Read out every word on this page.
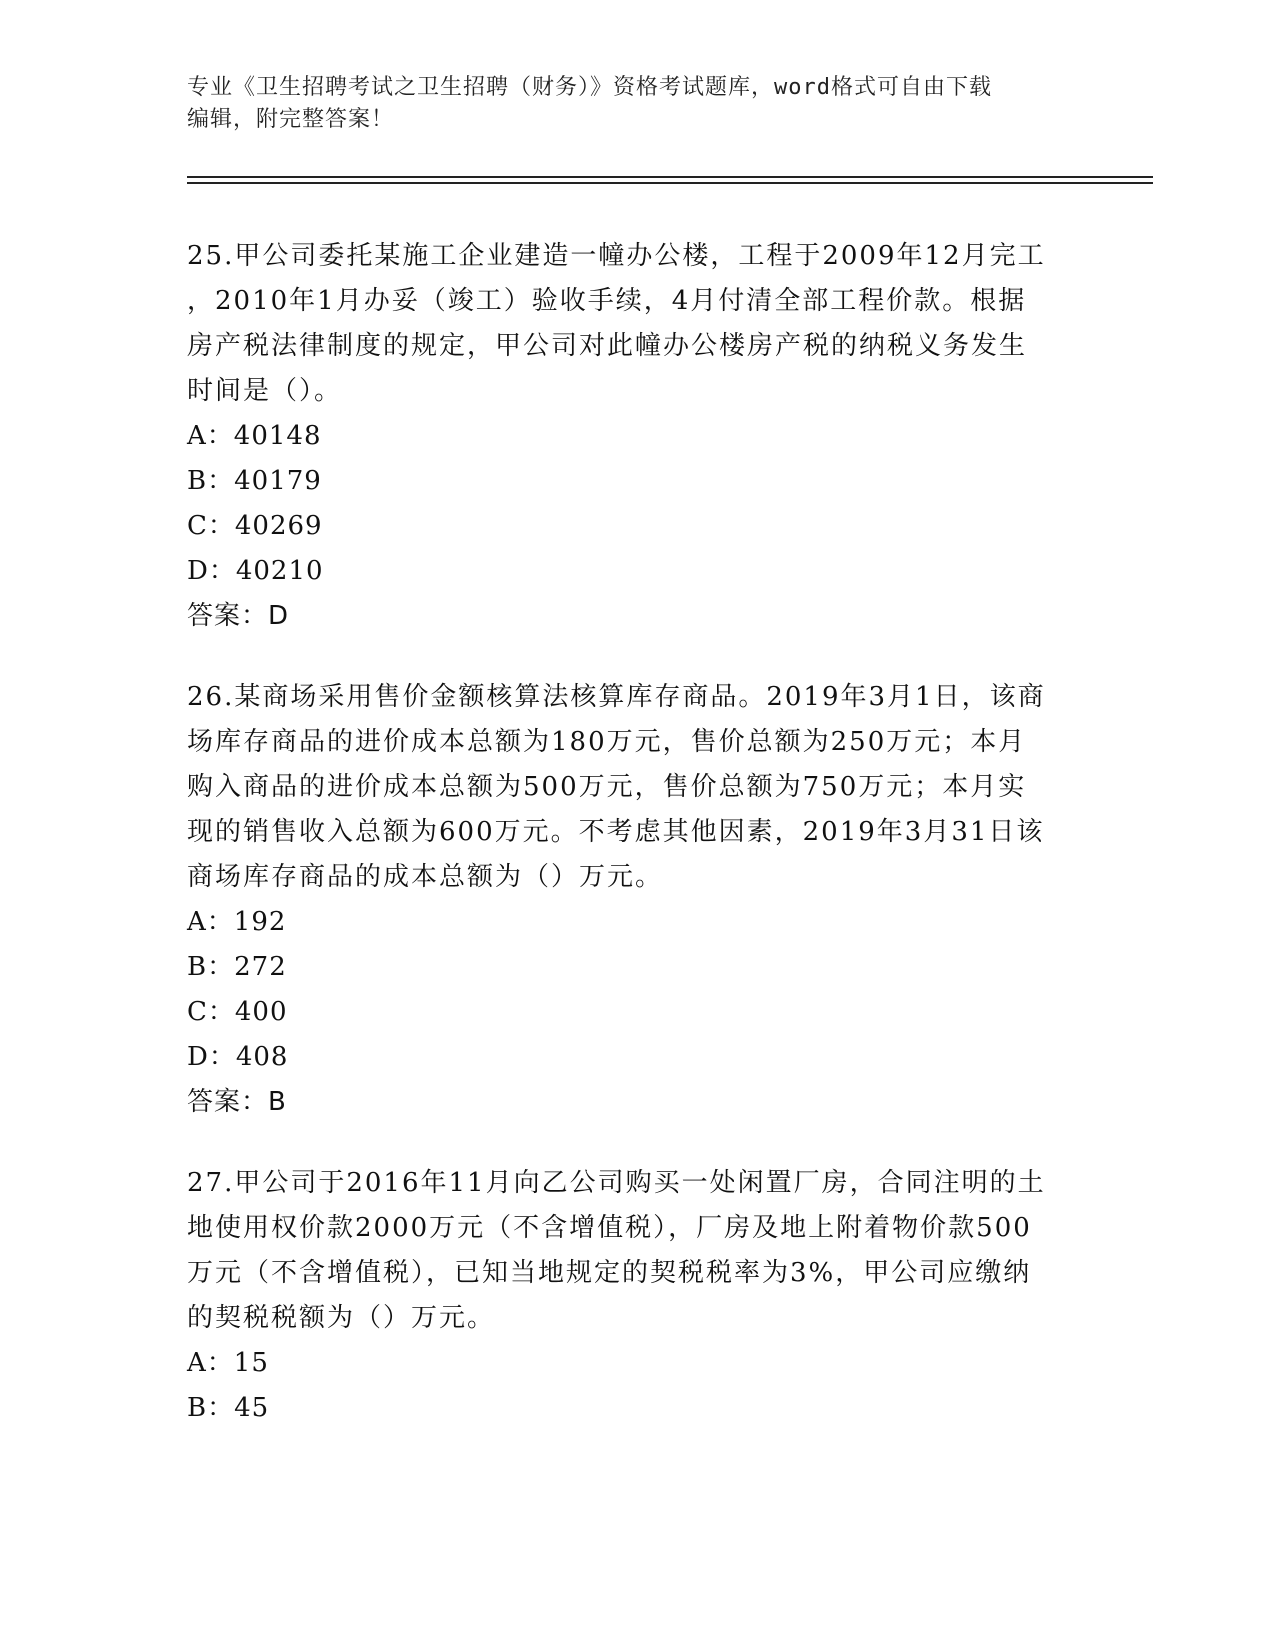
专业《卫生招聘考试之卫生招聘（财务）》资格考试题库，word格式可自由下载
编辑，附完整答案！
25.甲公司委托某施工企业建造一幢办公楼，工程于2009年12月完工
，2010年1月办妥（竣工）验收手续，4月付清全部工程价款。根据
房产税法律制度的规定，甲公司对此幢办公楼房产税的纳税义务发生
时间是（）。
A：40148
B：40179
C：40269
D：40210
答案：D
26.某商场采用售价金额核算法核算库存商品。2019年3月1日，该商
场库存商品的进价成本总额为180万元，售价总额为250万元；本月
购入商品的进价成本总额为500万元，售价总额为750万元；本月实
现的销售收入总额为600万元。不考虑其他因素，2019年3月31日该
商场库存商品的成本总额为（）万元。
A：192
B：272
C：400
D：408
答案：B
27.甲公司于2016年11月向乙公司购买一处闲置厂房，合同注明的土
地使用权价款2000万元（不含增值税），厂房及地上附着物价款500
万元（不含增值税），已知当地规定的契税税率为3%，甲公司应缴纳
的契税税额为（）万元。
A：15
B：45
